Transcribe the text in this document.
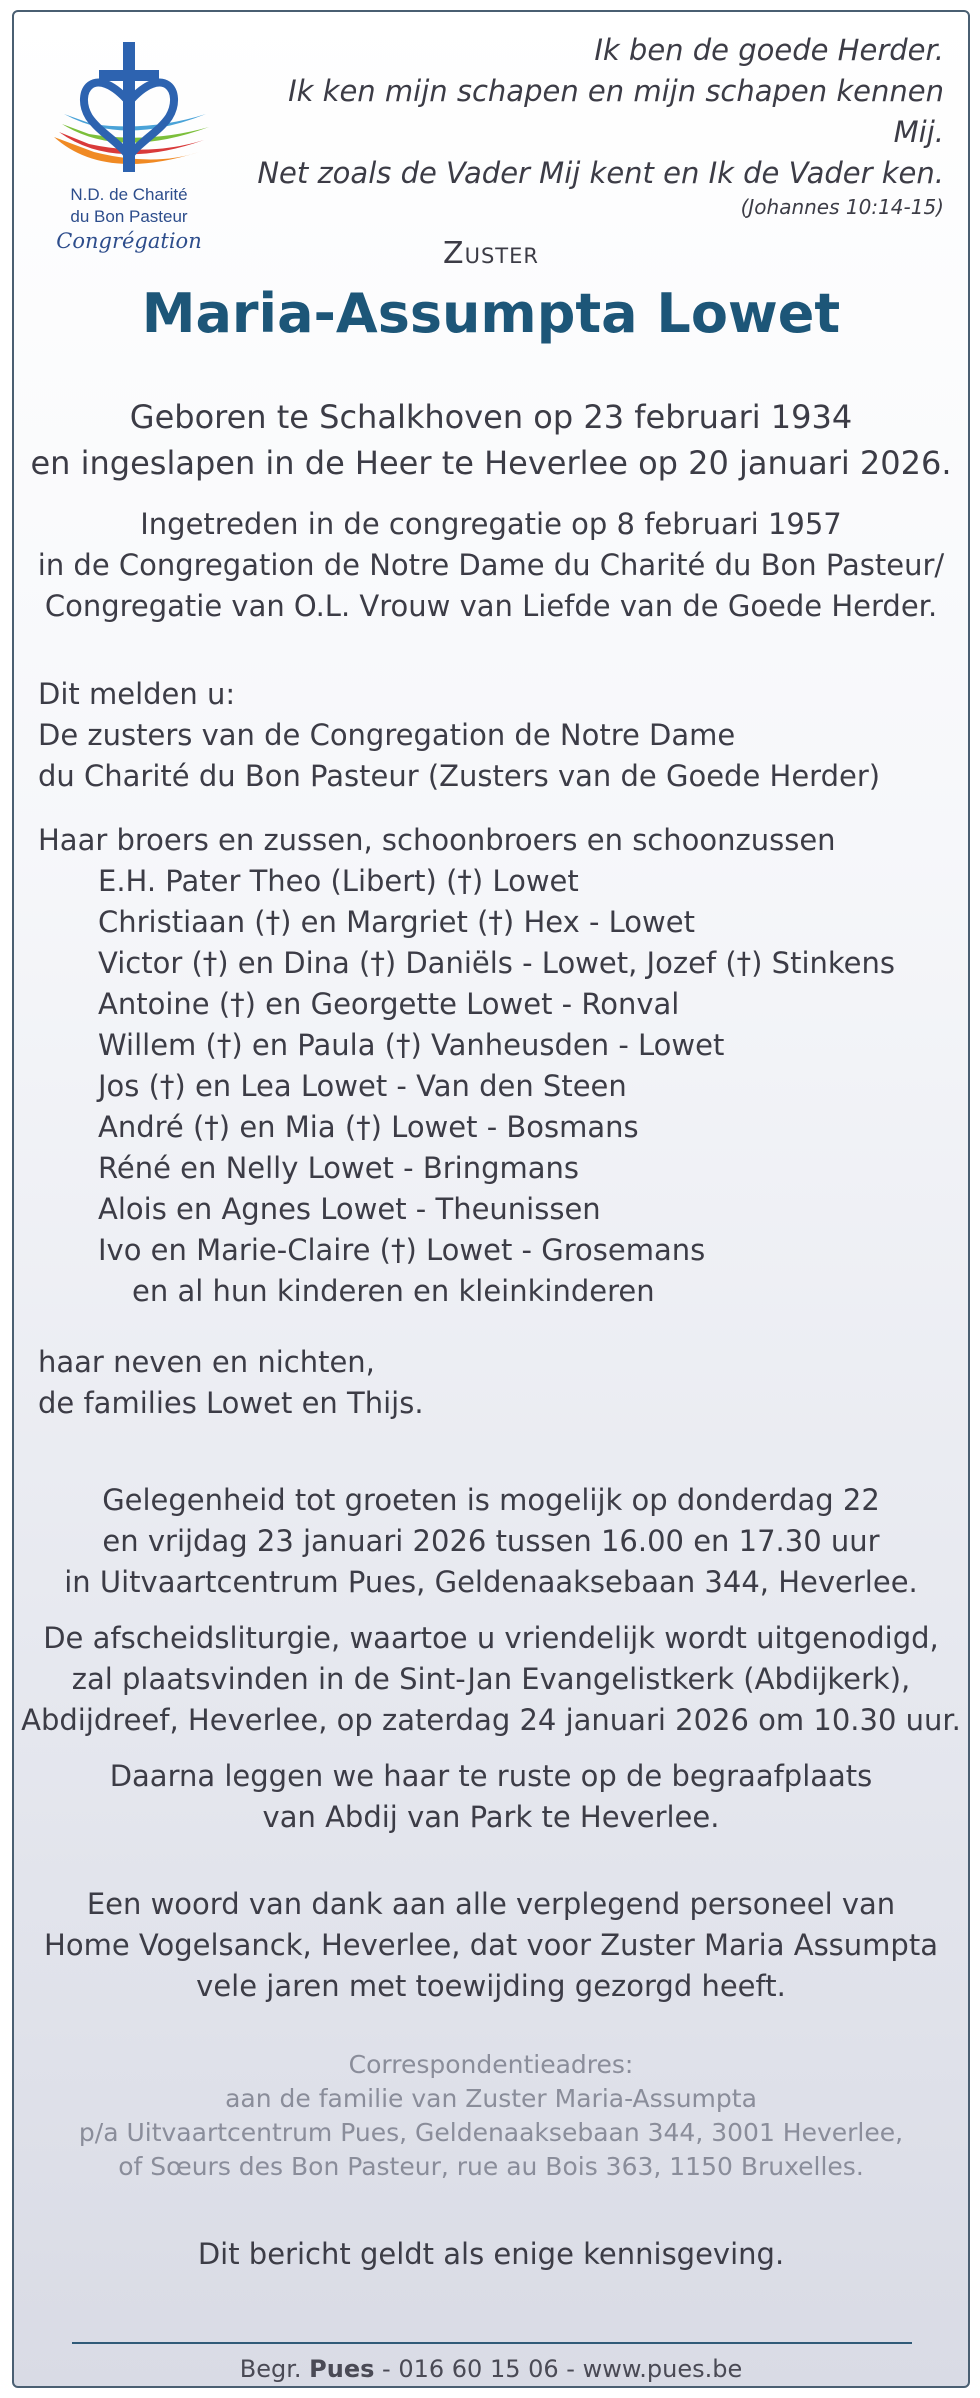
N.D. de Charité
du Bon Pasteur
Congrégation
Ik ben de goede Herder.
Ik ken mijn schapen en mijn schapen kennen Mij.
Net zoals de Vader Mij kent en Ik de Vader ken.
(Johannes 10:14-15)
Zuster
Maria-Assumpta Lowet
Geboren te Schalkhoven op 23 februari 1934
en ingeslapen in de Heer te Heverlee op 20 januari 2026.
Ingetreden in de congregatie op 8 februari 1957
in de Congregation de Notre Dame du Charité du Bon Pasteur/
Congregatie van O.L. Vrouw van Liefde van de Goede Herder.
Dit melden u:
De zusters van de Congregation de Notre Dame
du Charité du Bon Pasteur (Zusters van de Goede Herder)
Haar broers en zussen, schoonbroers en schoonzussen
E.H. Pater Theo (Libert) (†) Lowet
Christiaan (†) en Margriet (†) Hex - Lowet
Victor (†) en Dina (†) Daniëls - Lowet, Jozef (†) Stinkens
Antoine (†) en Georgette Lowet - Ronval
Willem (†) en Paula (†) Vanheusden - Lowet
Jos (†) en Lea Lowet - Van den Steen
André (†) en Mia (†) Lowet - Bosmans
Réné en Nelly Lowet - Bringmans
Alois en Agnes Lowet - Theunissen
Ivo en Marie-Claire (†) Lowet - Grosemans
en al hun kinderen en kleinkinderen
haar neven en nichten,
de families Lowet en Thijs.
Gelegenheid tot groeten is mogelijk op donderdag 22
en vrijdag 23 januari 2026 tussen 16.00 en 17.30 uur
in Uitvaartcentrum Pues, Geldenaaksebaan 344, Heverlee.
De afscheidsliturgie, waartoe u vriendelijk wordt uitgenodigd,
zal plaatsvinden in de Sint-Jan Evangelistkerk (Abdijkerk),
Abdijdreef, Heverlee, op zaterdag 24 januari 2026 om 10.30 uur.
Daarna leggen we haar te ruste op de begraafplaats
van Abdij van Park te Heverlee.
Een woord van dank aan alle verplegend personeel van
Home Vogelsanck, Heverlee, dat voor Zuster Maria Assumpta
vele jaren met toewijding gezorgd heeft.
Correspondentieadres:
aan de familie van Zuster Maria-Assumpta
p/a Uitvaartcentrum Pues, Geldenaaksebaan 344, 3001 Heverlee,
of Sœurs des Bon Pasteur, rue au Bois 363, 1150 Bruxelles.
Dit bericht geldt als enige kennisgeving.
Begr. Pues - 016 60 15 06 - www.pues.be
